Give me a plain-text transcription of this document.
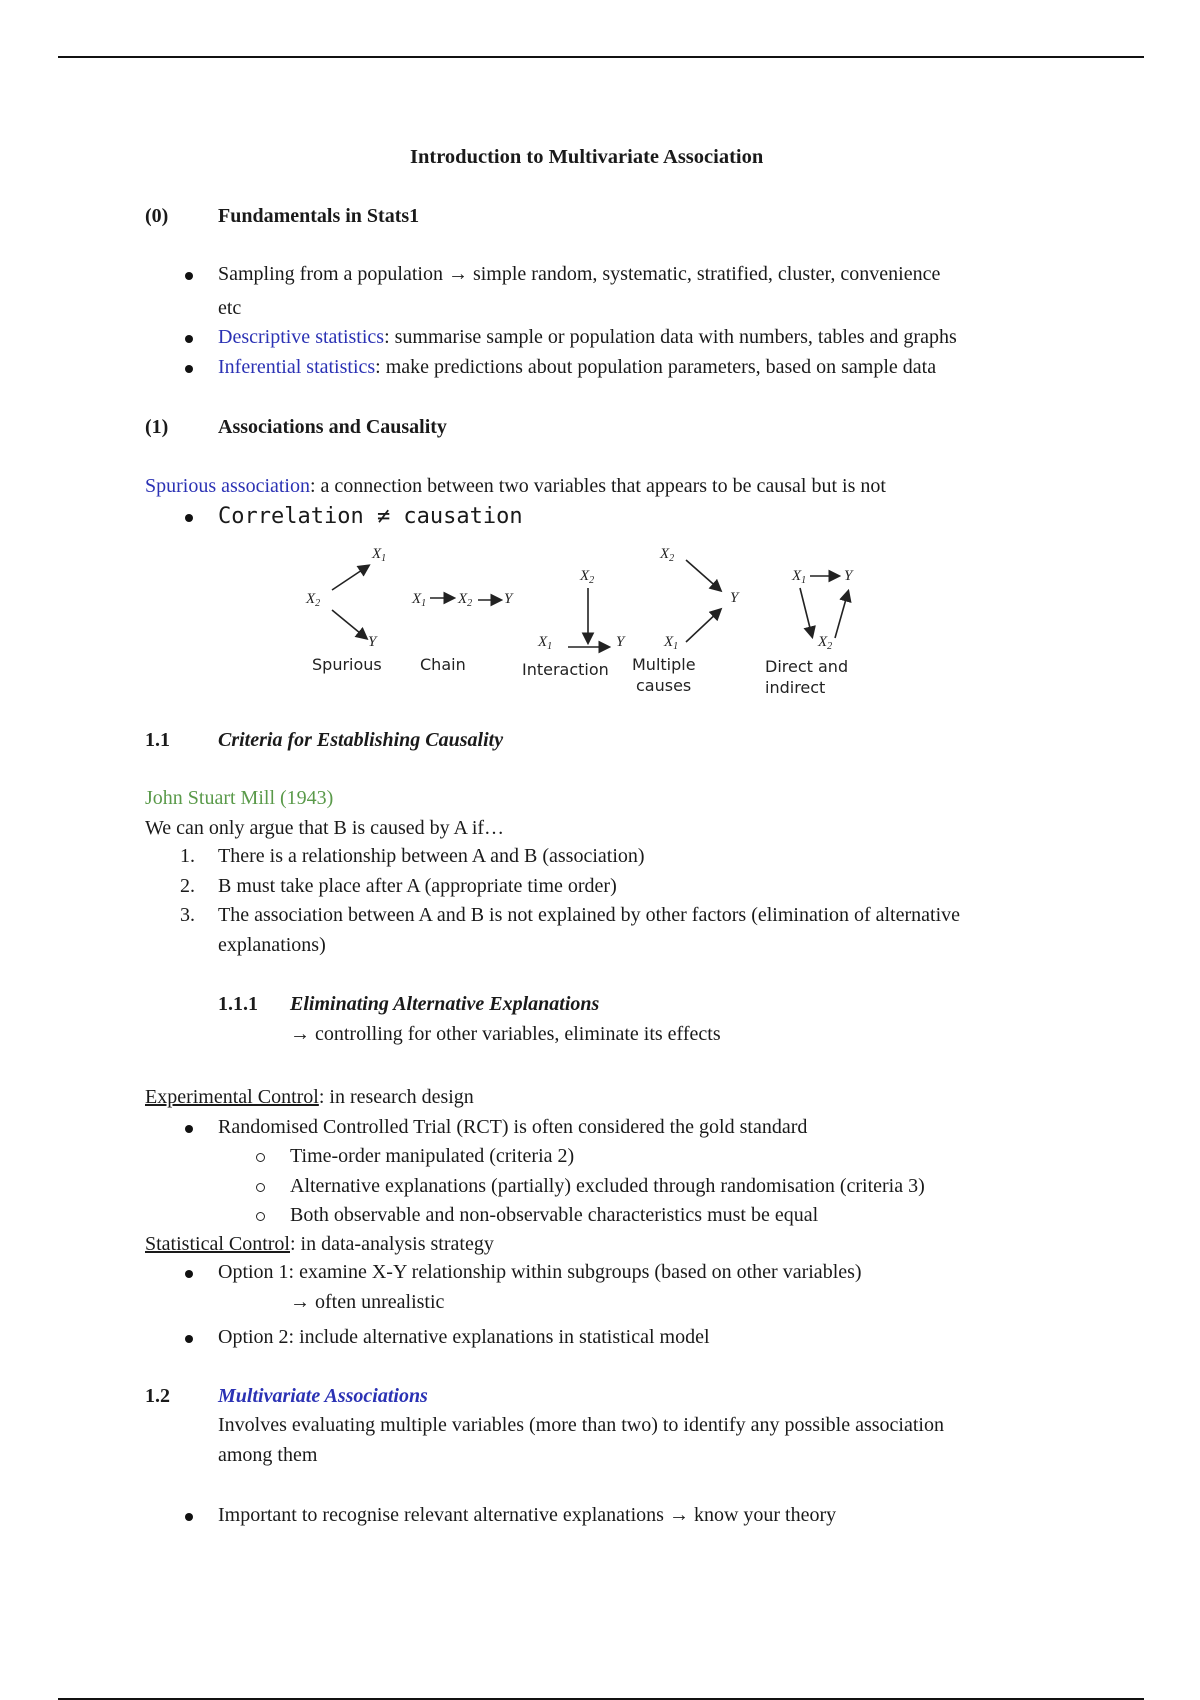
Introduction to Multivariate Association
(0) Fundamentals in Stats1
Sampling from a population → simple random, systematic, stratified, cluster, convenience
etc
Descriptive statistics: summarise sample or population data with numbers, tables and graphs
Inferential statistics: make predictions about population parameters, based on sample data
(1) Associations and Causality
Spurious association: a connection between two variables that appears to be causal but is not
Correlation ≠ causation
$X_2$
$X_1$
Y
Spurious
$X_1$ $X_2$ Y
Chain
$X_2$
$X_1$	Y
Interaction
$X_2$
$X_1$
Y
Multiple
causes
$X_1$	Y
$X_2$
Direct and
indirect
1.1 Criteria for Establishing Causality
John Stuart Mill (1943)
We can only argue that B is caused by A if…
1. There is a relationship between A and B (association)
2. B must take place after A (appropriate time order)
3. The association between A and B is not explained by other factors (elimination of alternative
explanations)
1.1.1 Eliminating Alternative Explanations
→ controlling for other variables, eliminate its effects
Experimental Control: in research design
Randomised Controlled Trial (RCT) is often considered the gold standard
Time-order manipulated (criteria 2)
Alternative explanations (partially) excluded through randomisation (criteria 3)
Both observable and non-observable characteristics must be equal
Statistical Control: in data-analysis strategy
Option 1: examine X-Y relationship within subgroups (based on other variables)
→ often unrealistic
Option 2: include alternative explanations in statistical model
1.2 Multivariate Associations
Involves evaluating multiple variables (more than two) to identify any possible association
among them
Important to recognise relevant alternative explanations → know your theory
